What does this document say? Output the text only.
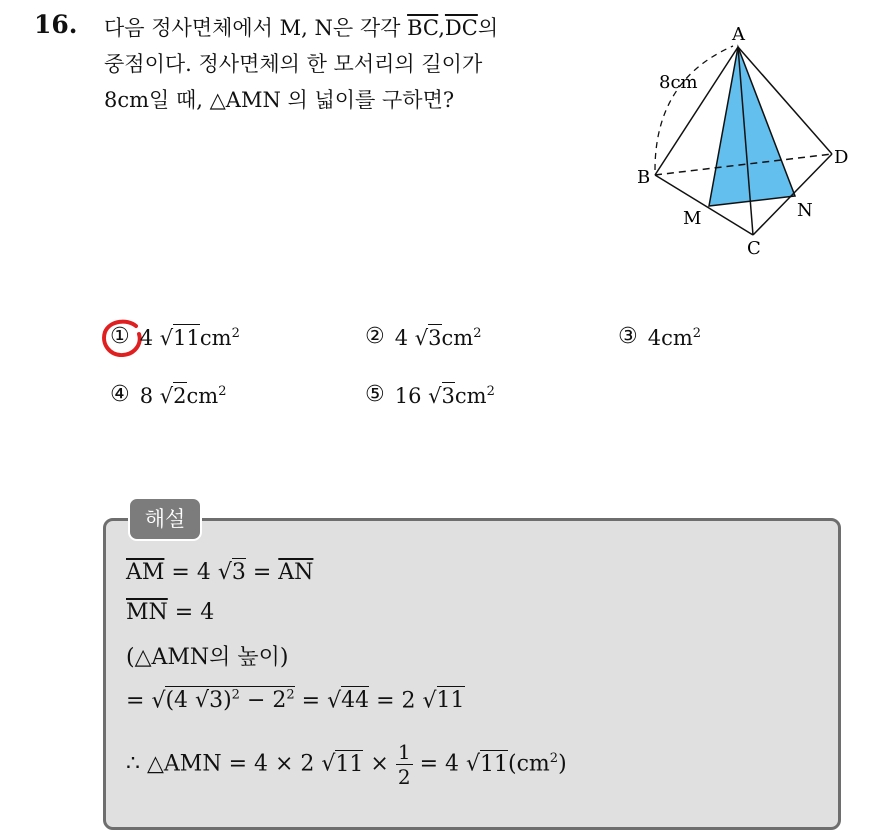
16. 다음 정사면체에서 M, N은 각각 $\overline{BC},\overline{DC}$의
중점이다. 정사면체의 한 모서리의 길이가
8cm일 때, △AMN 의 넓이를 구하면?
8cm
A
B
C
D
M	N
① 4 $√11cm^2$	② 4 $√3cm^2$	③ $4cm^2$
④ 8 $√2cm^2$	⑤ 16 $√3cm^2$
해설
$\overline{AM} = 4$ $√3 = \overline{AN}$
$\overline{MN} = 4$
(△AMN의 높이)
= √(4 $√3)^2 - 2^2 = √44 = 2$ √11
∴ △AMN = 4 × 2 $√11 \times \frac{1}{2} = 4$ $√11(cm^2)$
